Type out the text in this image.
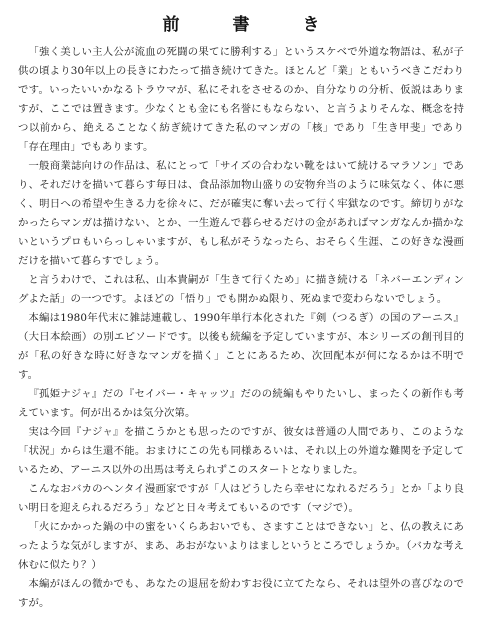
前　書　き

「強く美しい主人公が流血の死闘の果てに勝利する」というスケベで外道な物語は、私が子供の頃より30年以上の長きにわたって描き続けてきた。ほとんど「業」ともいうべきこだわりです。いったいいかなるトラウマが、私にそれをさせるのか、自分なりの分析、仮説はありますが、ここでは置きます。少なくとも金にも名誉にもならない、と言うよりそんな、概念を持つ以前から、絶えることなく紡ぎ続けてきた私のマンガの「核」であり「生き甲斐」であり「存在理由」でもあります。

一般商業誌向けの作品は、私にとって「サイズの合わない靴をはいて続けるマラソン」であり、それだけを描いて暮らす毎日は、食品添加物山盛りの安物弁当のように味気なく、体に悪く、明日への希望や生きる力を徐々に、だが確実に奪い去って行く牢獄なのです。締切りがなかったらマンガは描けない、とか、一生遊んで暮らせるだけの金があればマンガなんか描かないというプロもいらっしゃいますが、もし私がそうなったら、おそらく生涯、この好きな漫画だけを描いて暮らすでしょう。

と言うわけで、これは私、山本貴嗣が「生きて行くため」に描き続ける「ネバーエンディングよた話」の一つです。よほどの「悟り」でも開かぬ限り、死ぬまで変わらないでしょう。

本編は1980年代末に雑誌連載し、1990年単行本化された『剣（つるぎ）の国のアーニス』（大日本絵画）の別エピソードです。以後も続編を予定していますが、本シリーズの創刊目的が「私の好きな時に好きなマンガを描く」ことにあるため、次回配本が何になるかは不明です。

『孤姫ナジャ』だの『セイバー・キャッツ』だのの続編もやりたいし、まったくの新作も考えています。何が出るかは気分次第。

実は今回『ナジャ』を描こうかとも思ったのですが、彼女は普通の人間であり、このような「状況」からは生還不能。おまけにこの先も同様あるいは、それ以上の外道な難関を予定しているため、アーニス以外の出馬は考えられずこのスタートとなりました。

こんなおバカのヘンタイ漫画家ですが「人はどうしたら幸せになれるだろう」とか「より良い明日を迎えられるだろう」などと日々考えてもいるのです（マジで）。

「火にかかった鍋の中の蜜をいくらあおいでも、さますことはできない」と、仏の教えにあったような気がしますが、まあ、あおがないよりはましというところでしょうか。（バカな考え休むに似たり？）

本編がほんの微かでも、あなたの退屈を紛わすお役に立てたなら、それは望外の喜びなのですが。
